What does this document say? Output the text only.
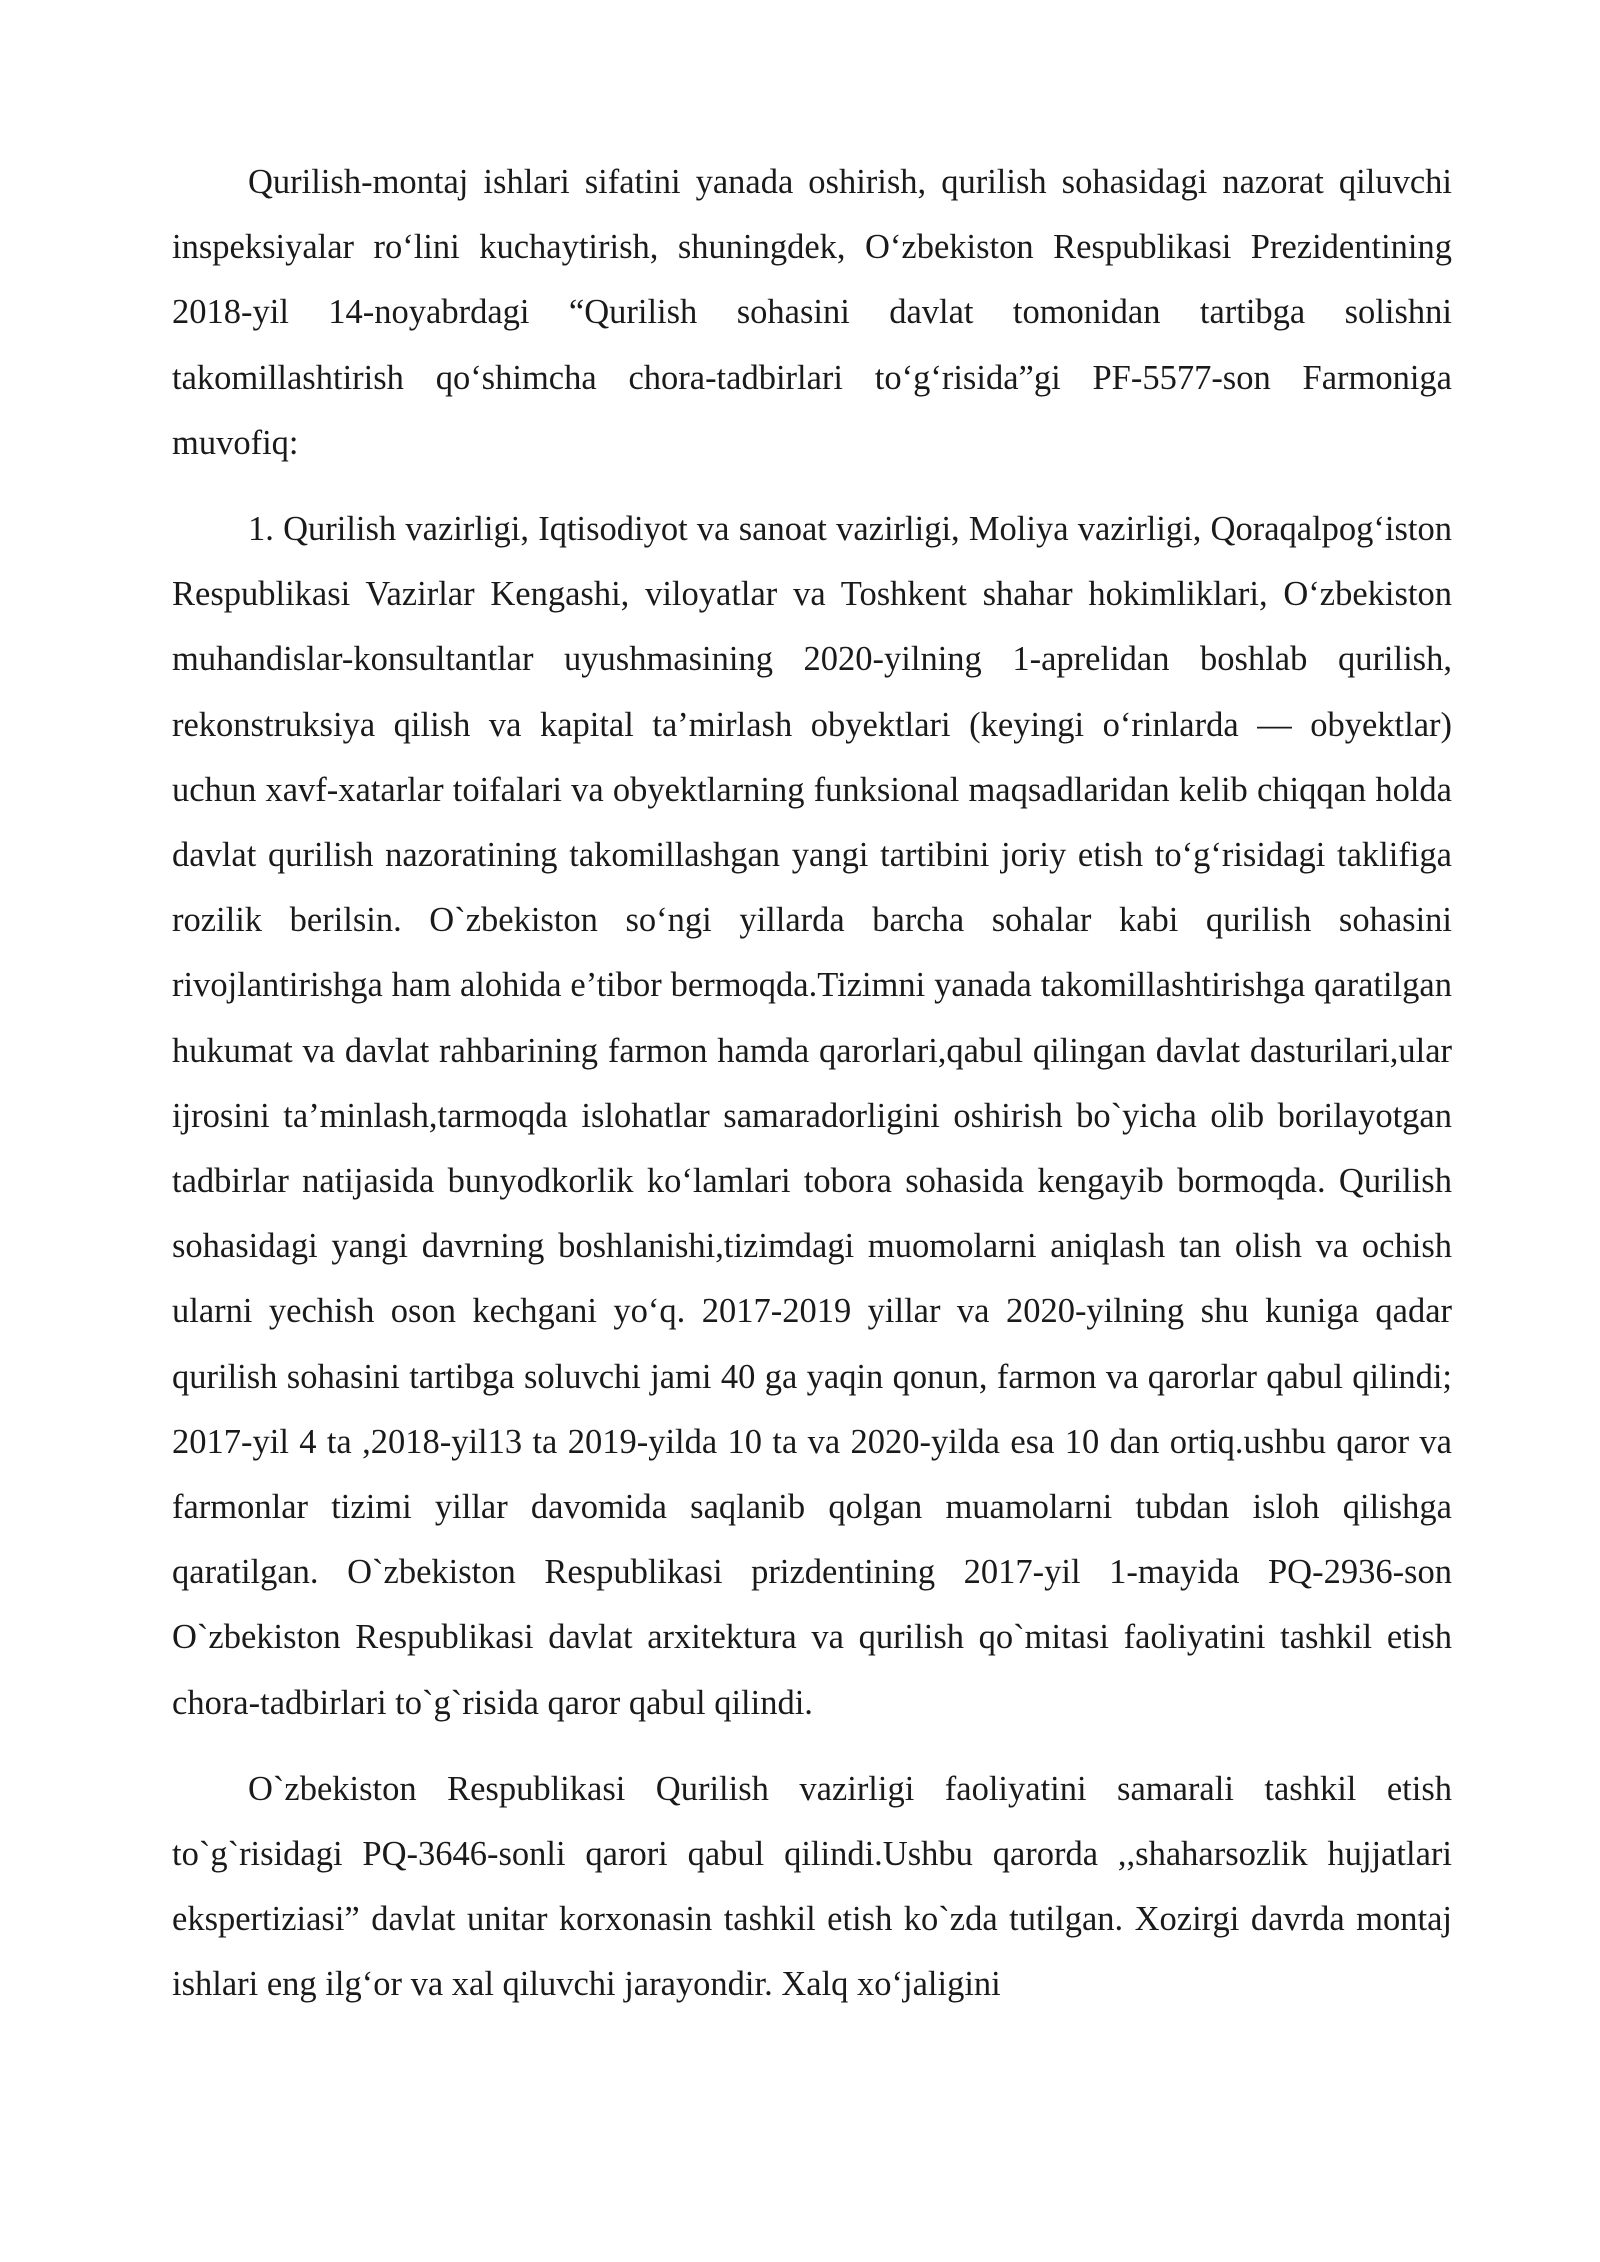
Qurilish-montaj ishlari sifatini yanada oshirish, qurilish sohasidagi nazorat qiluvchi inspeksiyalar ro‘lini kuchaytirish, shuningdek, O‘zbekiston Respublikasi Prezidentining 2018-yil 14-noyabrdagi “Qurilish sohasini davlat tomonidan tartibga solishni takomillashtirish qo‘shimcha chora-tadbirlari to‘g‘risida”gi PF-5577-son Farmoniga muvofiq:

1. Qurilish vazirligi, Iqtisodiyot va sanoat vazirligi, Moliya vazirligi, Qoraqalpog‘iston Respublikasi Vazirlar Kengashi, viloyatlar va Toshkent shahar hokimliklari, O‘zbekiston muhandislar-konsultantlar uyushmasining 2020-yilning 1-aprelidan boshlab qurilish, rekonstruksiya qilish va kapital ta’mirlash obyektlari (keyingi o‘rinlarda — obyektlar) uchun xavf-xatarlar toifalari va obyektlarning funksional maqsadlaridan kelib chiqqan holda davlat qurilish nazoratining takomillashgan yangi tartibini joriy etish to‘g‘risidagi taklifiga rozilik berilsin. O`zbekiston so‘ngi yillarda barcha sohalar kabi qurilish sohasini rivojlantirishga ham alohida e’tibor bermoqda.Tizimni yanada takomillashtirishga qaratilgan hukumat va davlat rahbarining farmon hamda qarorlari,qabul qilingan davlat dasturilari,ular ijrosini ta’minlash,tarmoqda islohatlar samaradorligini oshirish bo`yicha olib borilayotgan tadbirlar natijasida bunyodkorlik ko‘lamlari tobora sohasida kengayib bormoqda. Qurilish sohasidagi yangi davrning boshlanishi,tizimdagi muomolarni aniqlash tan olish va ochish ularni yechish oson kechgani yo‘q. 2017-2019 yillar va 2020-yilning shu kuniga qadar qurilish sohasini tartibga soluvchi jami 40 ga yaqin qonun, farmon va qarorlar qabul qilindi; 2017-yil 4 ta ,2018-yil13 ta 2019-yilda 10 ta va 2020-yilda esa 10 dan ortiq.ushbu qaror va farmonlar tizimi yillar davomida saqlanib qolgan muamolarni tubdan isloh qilishga qaratilgan. O`zbekiston Respublikasi prizdentining 2017-yil 1-mayida PQ-2936-son O`zbekiston Respublikasi davlat arxitektura va qurilish qo`mitasi faoliyatini tashkil etish chora-tadbirlari to`g`risida qaror qabul qilindi.

O`zbekiston Respublikasi Qurilish vazirligi faoliyatini samarali tashkil etish to`g`risidagi PQ-3646-sonli qarori qabul qilindi.Ushbu qarorda ,,shaharsozlik hujjatlari ekspertiziasi” davlat unitar korxonasin tashkil etish ko`zda tutilgan. Xozirgi davrda montaj ishlari eng ilg‘or va xal qiluvchi jarayondir. Xalq xo‘jaligini
